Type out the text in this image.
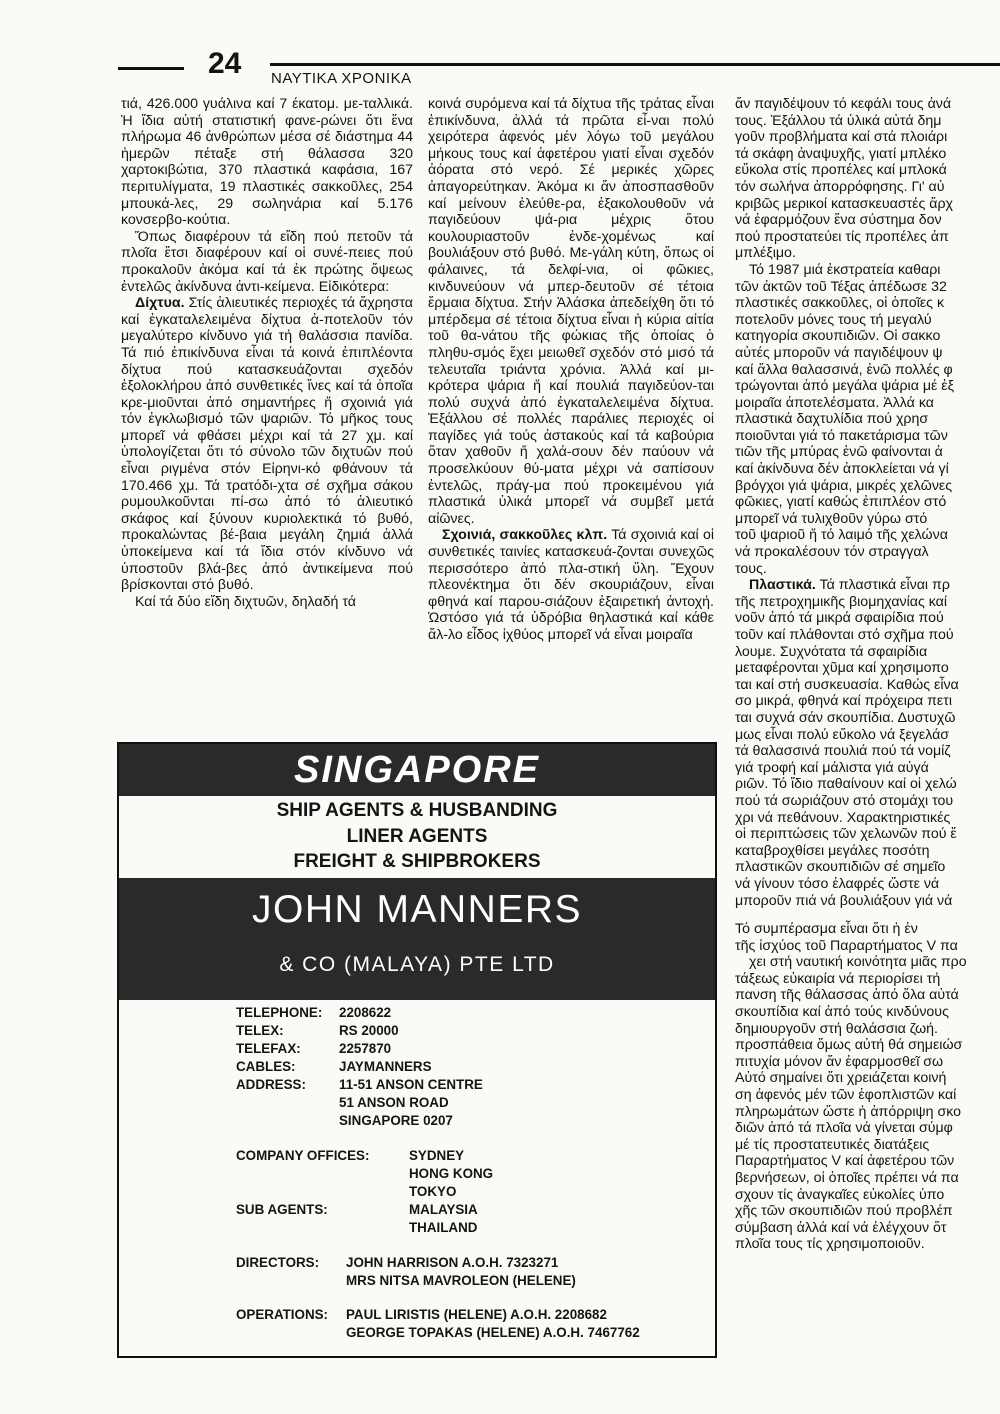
24 ΝΑΥΤΙΚΑ ΧΡΟΝΙΚΑ

τιά, 426.000 γυάλινα καί 7 έκατομ. με-ταλλικά. Ἡ ἴδια αὐτή στατιστική φανε-ρώνει ὅτι ἕνα πλήρωμα 46 ἀνθρώπων μέσα σέ διάστημα 44 ἡμερῶν πέταξε στή θάλασσα 320 χαρτοκιβώτια, 370 πλαστικά καφάσια, 167 περιτυλίγματα, 19 πλαστικές σακκοῦλες, 254 μπουκά-λες, 29 σωληνάρια καί 5.176 κονσερβο-κούτια.

Ὅπως διαφέρουν τά εἴδη πού πετοῦν τά πλοῖα ἔτσι διαφέρουν καί οἱ συνέ-πειες πού προκαλοῦν ἀκόμα καί τά ἐκ πρώτης ὄψεως ἐντελῶς ἀκίνδυνα ἀντι-κείμενα. Εἰδικότερα:

Δίχτυα. Στίς ἁλιευτικές περιοχές τά ἄχρηστα καί ἐγκαταλελειμένα δίχτυα ἀ-ποτελοῦν τόν μεγαλύτερο κίνδυνο γιά τή θαλάσσια πανίδα. Τά πιό ἐπικίνδυνα εἶναι τά κοινά ἐπιπλέοντα δίχτυα πού κατασκευάζονται σχεδόν ἐξολοκλήρου ἀπό συνθετικές ἴνες καί τά ὁποῖα κρε-μιοῦνται ἀπό σημαντήρες ἤ σχοινιά γιά τόν ἐγκλωβισμό τῶν ψαριῶν. Τό μῆκος τους μπορεῖ νά φθάσει μέχρι καί τά 27 χμ. καί ὑπολογίζεται ὅτι τό σύνολο τῶν διχτυῶν πού εἶναι ριγμένα στόν Εἰρηνι-κό φθάνουν τά 170.466 χμ. Τά τρατόδι-χτα σέ σχῆμα σάκου ρυμουλκοῦνται πί-σω ἀπό τό ἁλιευτικό σκάφος καί ξύνουν κυριολεκτικά τό βυθό, προκαλώντας βέ-βαια μεγάλη ζημιά ἀλλά ὑποκείμενα καί τά ἴδια στόν κίνδυνο νά ὑποστοῦν βλά-βες ἀπό ἀντικείμενα πού βρίσκονται στό βυθό.

Καί τά δύο εἴδη διχτυῶν, δηλαδή τά

κοινά συρόμενα καί τά δίχτυα τῆς τράτας εἶναι ἐπικίνδυνα, ἀλλά τά πρῶτα εἶ-ναι πολύ χειρότερα ἀφενός μέν λόγω τοῦ μεγάλου μήκους τους καί ἀφετέρου γιατί εἶναι σχεδόν ἀόρατα στό νερό. Σέ μερικές χῶρες ἀπαγορεύτηκαν. Ἀκόμα κι ἄν ἀποσπασθοῦν καί μείνουν ἐλεύθε-ρα, ἐξακολουθοῦν νά παγιδεύουν ψά-ρια μέχρις ὅτου κουλουριαστοῦν ἐνδε-χομένως καί βουλιάξουν στό βυθό. Με-γάλη κύτη, ὅπως οἱ φάλαινες, τά δελφί-νια, οἱ φῶκιες, κινδυνεύουν νά μπερ-δευτοῦν σέ τέτοια ἔρμαια δίχτυα. Στήν Ἀλάσκα ἀπεδείχθη ὅτι τό μπέρδεμα σέ τέτοια δίχτυα εἶναι ἡ κύρια αἰτία τοῦ θα-νάτου τῆς φώκιας τῆς ὁποίας ὁ πληθυ-σμός ἔχει μειωθεῖ σχεδόν στό μισό τά τελευταῖα τριάντα χρόνια. Ἀλλά καί μι-κρότερα ψάρια ἤ καί πουλιά παγιδεύον-ται πολύ συχνά ἀπό ἐγκαταλελειμένα δίχτυα. Ἐξάλλου σέ πολλές παράλιες περιοχές οἱ παγίδες γιά τούς ἀστακούς καί τά καβούρια ὅταν χαθοῦν ἤ χαλά-σουν δέν παύουν νά προσελκύουν θύ-ματα μέχρι νά σαπίσουν ἐντελῶς, πράγ-μα πού προκειμένου γιά πλαστικά ὑλικά μπορεῖ νά συμβεῖ μετά αἰῶνες.

Σχοινιά, σακκοῦλες κλπ. Τά σχοινιά καί οἱ συνθετικές ταινίες κατασκευά-ζονται συνεχῶς περισσότερο ἀπό πλα-στική ὕλη. Ἔχουν πλεονέκτημα ὅτι δέν σκουριάζουν, εἶναι φθηνά καί παρου-σιάζουν ἐξαιρετική ἀντοχή. Ὡστόσο γιά τά ὑδρόβια θηλαστικά καί κάθε ἄλ-λο εἶδος ἰχθύος μπορεῖ νά εἶναι μοιραῖα

ἄν παγιδέψουν τό κεφάλι τους ἀνά

τους. Ἐξάλλου τά ὑλικά αὐτά δημ

γοῦν προβλήματα καί στά πλοιάρι

τά σκάφη ἀναψυχῆς, γιατί μπλέκο

εὔκολα στίς προπέλες καί μπλοκά

τόν σωλήνα ἀπορρόφησης. Γι' αὐ

κριβῶς μερικοί κατασκευαστές ἄρχ

νά ἐφαρμόζουν ἕνα σύστημα δον

πού προστατεύει τίς προπέλες ἀπ

μπλέξιμο.

Τό 1987 μιά ἐκστρατεία καθαρι

τῶν ἀκτῶν τοῦ Τέξας ἀπέδωσε 32

πλαστικές σακκοῦλες, οἱ ὁποῖες κ

ποτελοῦν μόνες τους τή μεγαλύ

κατηγορία σκουπιδιῶν. Οἱ σακκο

αὐτές μποροῦν νά παγιδέψουν ψ

καί ἄλλα θαλασσινά, ἐνῶ πολλές φ

τρώγονται ἀπό μεγάλα ψάρια μέ ἐξ

μοιραῖα ἀποτελέσματα. Ἀλλά κα

πλαστικά δαχτυλίδια πού χρησ

ποιοῦνται γιά τό πακετάρισμα τῶν

τιῶν τῆς μπύρας ἐνῶ φαίνονται ἀ

καί ἀκίνδυνα δέν ἀποκλείεται νά γί

βρόγχοι γιά ψάρια, μικρές χελῶνες

φῶκιες, γιατί καθώς ἐπιπλέον στό

μπορεῖ νά τυλιχθοῦν γύρω στό

τοῦ ψαριοῦ ἤ τό λαιμό τῆς χελώνα

νά προκαλέσουν τόν στραγγαλ

τους.

Πλαστικά. Τά πλαστικά εἶναι πρ

τῆς πετροχημικῆς βιομηχανίας καί

νοῦν ἀπό τά μικρά σφαιρίδια πού

τοῦν καί πλάθονται στό σχῆμα πού

λουμε. Συχνότατα τά σφαιρίδια

μεταφέρονται χῦμα καί χρησιμοπο

ται καί στή συσκευασία. Καθώς εἶνα

σο μικρά, φθηνά καί πρόχειρα πετι

ται συχνά σάν σκουπίδια. Δυστυχῶ

μως εἶναι πολύ εὔκολο νά ξεγελάσ

τά θαλασσινά πουλιά πού τά νομίζ

γιά τροφή καί μάλιστα γιά αὐγά

ριῶν. Τό ἴδιο παθαίνουν καί οἱ χελώ

πού τά σωριάζουν στό στομάχι του

χρι νά πεθάνουν. Χαρακτηριστικές

οἱ περιπτώσεις τῶν χελωνῶν πού ἔ

καταβροχθίσει μεγάλες ποσότη

πλαστικῶν σκουπιδιῶν σέ σημεῖο

νά γίνουν τόσο ἐλαφρές ὥστε νά

μποροῦν πιά νά βουλιάξουν γιά νά

Τό συμπέρασμα εἶναι ὅτι ἡ ἐν

τῆς ἰσχύος τοῦ Παραρτήματος V πα

χει στή ναυτική κοινότητα μιᾶς προ

τάξεως εὐκαιρία νά περιορίσει τή

πανση τῆς θάλασσας ἀπό ὅλα αὐτά

σκουπίδια καί ἀπό τούς κινδύνους

δημιουργοῦν στή θαλάσσια ζωή.

προσπάθεια ὅμως αὐτή θά σημειώσ

πιτυχία μόνον ἄν ἐφαρμοσθεῖ σω

Αὐτό σημαίνει ὅτι χρειάζεται κοινή

ση ἀφενός μέν τῶν ἐφοπλιστῶν καί

πληρωμάτων ὥστε ἡ ἀπόρριψη σκο

διῶν ἀπό τά πλοῖα νά γίνεται σύμφ

μέ τίς προστατευτικές διατάξεις

Παραρτήματος V καί ἀφετέρου τῶν

βερνήσεων, οἱ ὁποῖες πρέπει νά πα

σχουν τίς ἀναγκαῖες εὐκολίες ὑπο

χῆς τῶν σκουπιδιῶν πού προβλέπ

σύμβαση ἀλλά καί νά ἐλέγχουν ὅτ

πλοῖα τους τίς χρησιμοποιοῦν.

SINGAPORE
SHIP AGENTS & HUSBANDING
LINER AGENTS
FREIGHT & SHIPBROKERS
JOHN MANNERS
& CO (MALAYA) PTE LTD
TELEPHONE: 2208622
TELEX:	RS 20000
TELEFAX:	2257870
CABLES:	JAYMANNERS
ADDRESS: 11-51 ANSON CENTRE
51 ANSON ROAD
SINGAPORE 0207
COMPANY OFFICES:	SYDNEY
HONG KONG
TOKYO
SUB AGENTS:	MALAYSIA
THAILAND
DIRECTORS: JOHN HARRISON A.O.H. 7323271
MRS NITSA MAVROLEON (HELENE)
OPERATIONS: PAUL LIRISTIS (HELENE) A.O.H. 2208682
GEORGE TOPAKAS (HELENE) A.O.H. 7467762
